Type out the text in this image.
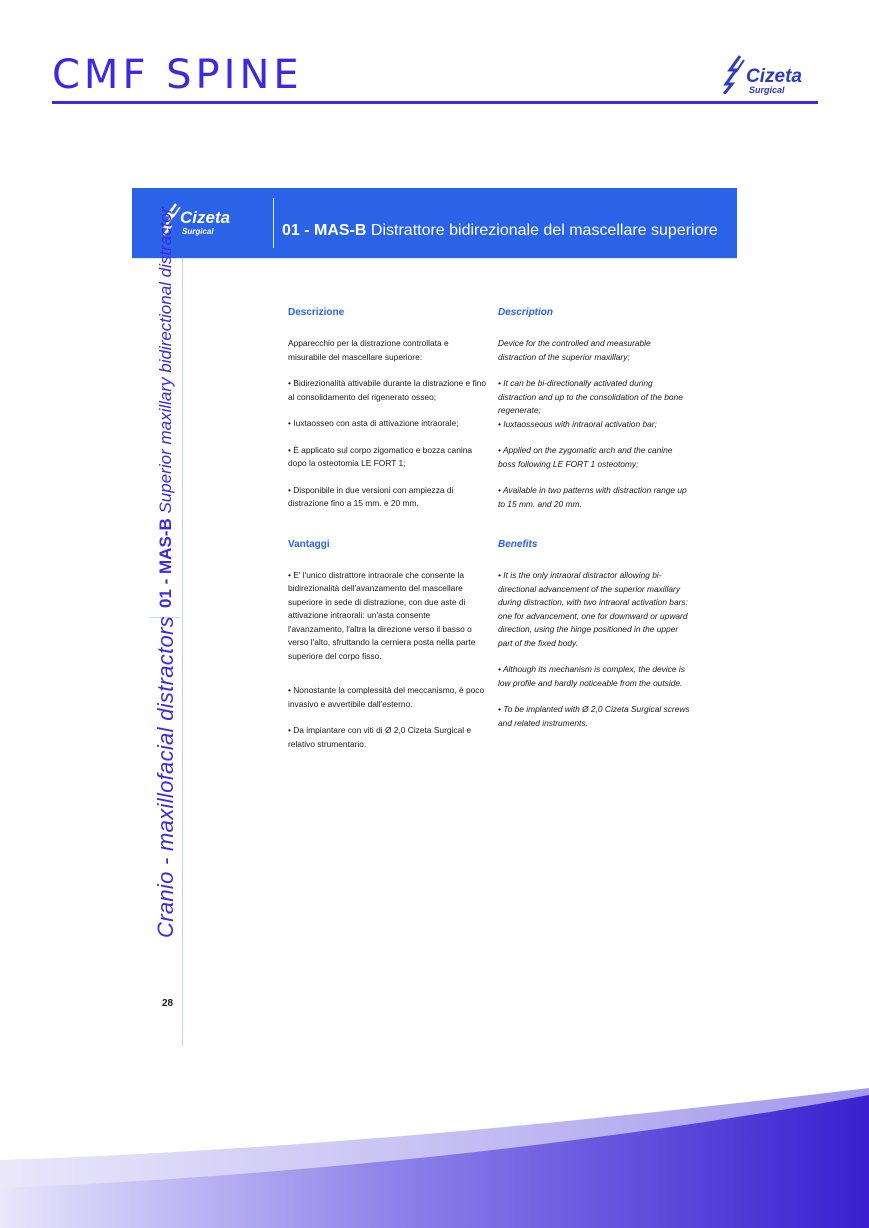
CMF SPINE	Cizeta
Surgical
Cizeta
Surgical	01 - MAS-B Distrattore bidirezionale del mascellare superiore
01 - MAS-B Superior maxillary bidirectional distractor
Cranio - maxillofacial distractors
28
Descrizione

Apparecchio per la distrazione controllata e misurabile del mascellare superiore:

• Bidirezionalità attivabile durante la distrazione e fino al consolidamento del rigenerato osseo;

• Iuxtaosseo con asta di attivazione intraorale;

• È applicato sul corpo zigomatico e bozza canina dopo la osteotomia LE FORT 1;

• Disponibile in due versioni con ampiezza di distrazione fino a 15 mm. e 20 mm.

Vantaggi

• E' l'unico distrattore intraorale che consente la bidirezionalità dell'avanzamento del mascellare superiore in sede di distrazione, con due aste di attivazione intraorali: un'asta consente l'avanzamento, l'altra la direzione verso il basso o verso l'alto, sfruttando la cerniera posta nella parte superiore del corpo fisso.

• Nonostante la complessità del meccanismo, è poco invasivo e avvertibile dall'esterno.

• Da impiantare con viti di Ø 2,0 Cizeta Surgical e relativo strumentario.

Description

Device for the controlled and measurable distraction of the superior maxillary;

• It can be bi-directionally activated during distraction and up to the consolidation of the bone regenerate;
• Iuxtaosseous with intraoral activation bar;

• Applied on the zygomatic arch and the canine boss following LE FORT 1 osteotomy;

• Available in two patterns with distraction range up to 15 mm. and 20 mm.

Benefits

• It is the only intraoral distractor allowing bi-directional advancement of the superior maxillary during distraction, with two intraoral activation bars: one for advancement, one for downward or upward direction, using the hinge positioned in the upper part of the fixed body.

• Although its mechanism is complex, the device is low profile and hardly noticeable from the outside.

• To be implanted with Ø 2,0 Cizeta Surgical screws and related instruments.
